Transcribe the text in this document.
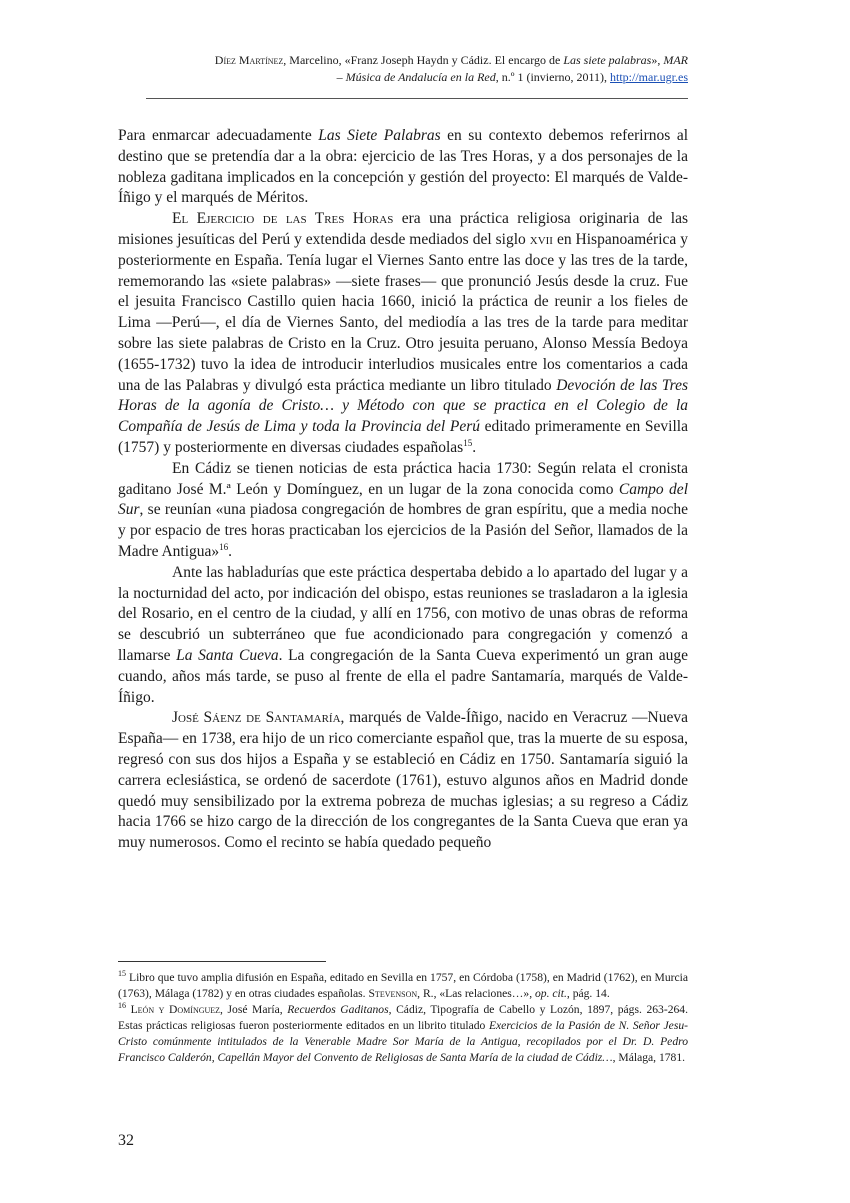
Díez Martínez, Marcelino, «Franz Joseph Haydn y Cádiz. El encargo de Las siete palabras», MAR
– Música de Andalucía en la Red, n.º 1 (invierno, 2011), http://mar.ugr.es

Para enmarcar adecuadamente Las Siete Palabras en su contexto debemos referirnos al destino que se pretendía dar a la obra: ejercicio de las Tres Horas, y a dos personajes de la nobleza gaditana implicados en la concepción y gestión del proyecto: El marqués de Valde-Íñigo y el marqués de Méritos.

El Ejercicio de las Tres Horas era una práctica religiosa originaria de las misiones jesuíticas del Perú y extendida desde mediados del siglo xvii en Hispanoamérica y posteriormente en España. Tenía lugar el Viernes Santo entre las doce y las tres de la tarde, rememorando las «siete palabras» —siete frases— que pronunció Jesús desde la cruz. Fue el jesuita Francisco Castillo quien hacia 1660, inició la práctica de reunir a los fieles de Lima —Perú—, el día de Viernes Santo, del mediodía a las tres de la tarde para meditar sobre las siete palabras de Cristo en la Cruz. Otro jesuita peruano, Alonso Messía Bedoya (1655-1732) tuvo la idea de introducir interludios musicales entre los comentarios a cada una de las Palabras y divulgó esta práctica mediante un libro titulado Devoción de las Tres Horas de la agonía de Cristo… y Método con que se practica en el Colegio de la Compañía de Jesús de Lima y toda la Provincia del Perú editado primeramente en Sevilla (1757) y posteriormente en diversas ciudades españolas$^{15}$.

En Cádiz se tienen noticias de esta práctica hacia 1730: Según relata el cronista gaditano José M.ª León y Domínguez, en un lugar de la zona conocida como Campo del Sur, se reunían «una piadosa congregación de hombres de gran espíritu, que a media noche y por espacio de tres horas practicaban los ejercicios de la Pasión del Señor, llamados de la Madre Antigua»$^{16}$.

Ante las habladurías que este práctica despertaba debido a lo apartado del lugar y a la nocturnidad del acto, por indicación del obispo, estas reuniones se trasladaron a la iglesia del Rosario, en el centro de la ciudad, y allí en 1756, con motivo de unas obras de reforma se descubrió un subterráneo que fue acondicionado para congregación y comenzó a llamarse La Santa Cueva. La congregación de la Santa Cueva experimentó un gran auge cuando, años más tarde, se puso al frente de ella el padre Santamaría, marqués de Valde-Íñigo.

José Sáenz de Santamaría, marqués de Valde-Íñigo, nacido en Veracruz —Nueva España— en 1738, era hijo de un rico comerciante español que, tras la muerte de su esposa, regresó con sus dos hijos a España y se estableció en Cádiz en 1750. Santamaría siguió la carrera eclesiástica, se ordenó de sacerdote (1761), estuvo algunos años en Madrid donde quedó muy sensibilizado por la extrema pobreza de muchas iglesias; a su regreso a Cádiz hacia 1766 se hizo cargo de la dirección de los congregantes de la Santa Cueva que eran ya muy numerosos. Como el recinto se había quedado pequeño

$^{15}$ Libro que tuvo amplia difusión en España, editado en Sevilla en 1757, en Córdoba (1758), en Madrid (1762), en Murcia (1763), Málaga (1782) y en otras ciudades españolas. Stevenson, R., «Las relaciones…», op. cit., pág. 14.

$^{16}$ León y Domínguez, José María, Recuerdos Gaditanos, Cádiz, Tipografía de Cabello y Lozón, 1897, págs. 263-264. Estas prácticas religiosas fueron posteriormente editados en un librito titulado Exercicios de la Pasión de N. Señor Jesu-Cristo comúnmente intitulados de la Venerable Madre Sor María de la Antigua, recopilados por el Dr. D. Pedro Francisco Calderón, Capellán Mayor del Convento de Religiosas de Santa María de la ciudad de Cádiz…, Málaga, 1781.

32
